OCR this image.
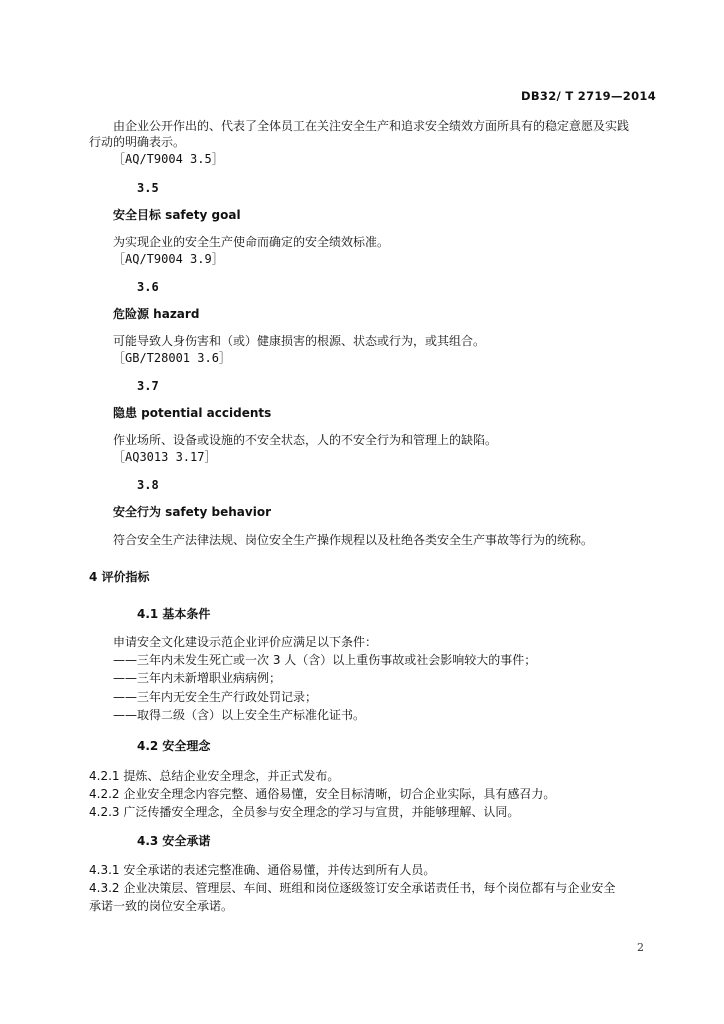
DB32/ T 2719—2014
由企业公开作出的、代表了全体员工在关注安全生产和追求安全绩效方面所具有的稳定意愿及实践
行动的明确表示。
［AQ/T9004 3.5］
3.5
安全目标 safety goal
为实现企业的安全生产使命而确定的安全绩效标准。
［AQ/T9004 3.9］
3.6
危险源 hazard
可能导致人身伤害和（或）健康损害的根源、状态或行为，或其组合。
［GB/T28001 3.6］
3.7
隐患 potential accidents
作业场所、设备或设施的不安全状态，人的不安全行为和管理上的缺陷。
［AQ3013 3.17］
3.8
安全行为 safety behavior
符合安全生产法律法规、岗位安全生产操作规程以及杜绝各类安全生产事故等行为的统称。
4 评价指标
4.1 基本条件
申请安全文化建设示范企业评价应满足以下条件：
——三年内未发生死亡或一次 3 人（含）以上重伤事故或社会影响较大的事件；
——三年内未新增职业病病例；
——三年内无安全生产行政处罚记录；
——取得二级（含）以上安全生产标准化证书。
4.2 安全理念
4.2.1 提炼、总结企业安全理念，并正式发布。
4.2.2 企业安全理念内容完整、通俗易懂，安全目标清晰，切合企业实际，具有感召力。
4.2.3 广泛传播安全理念，全员参与安全理念的学习与宣贯，并能够理解、认同。
4.3 安全承诺
4.3.1 安全承诺的表述完整准确、通俗易懂，并传达到所有人员。
4.3.2 企业决策层、管理层、车间、班组和岗位逐级签订安全承诺责任书，每个岗位都有与企业安全
承诺一致的岗位安全承诺。
2
